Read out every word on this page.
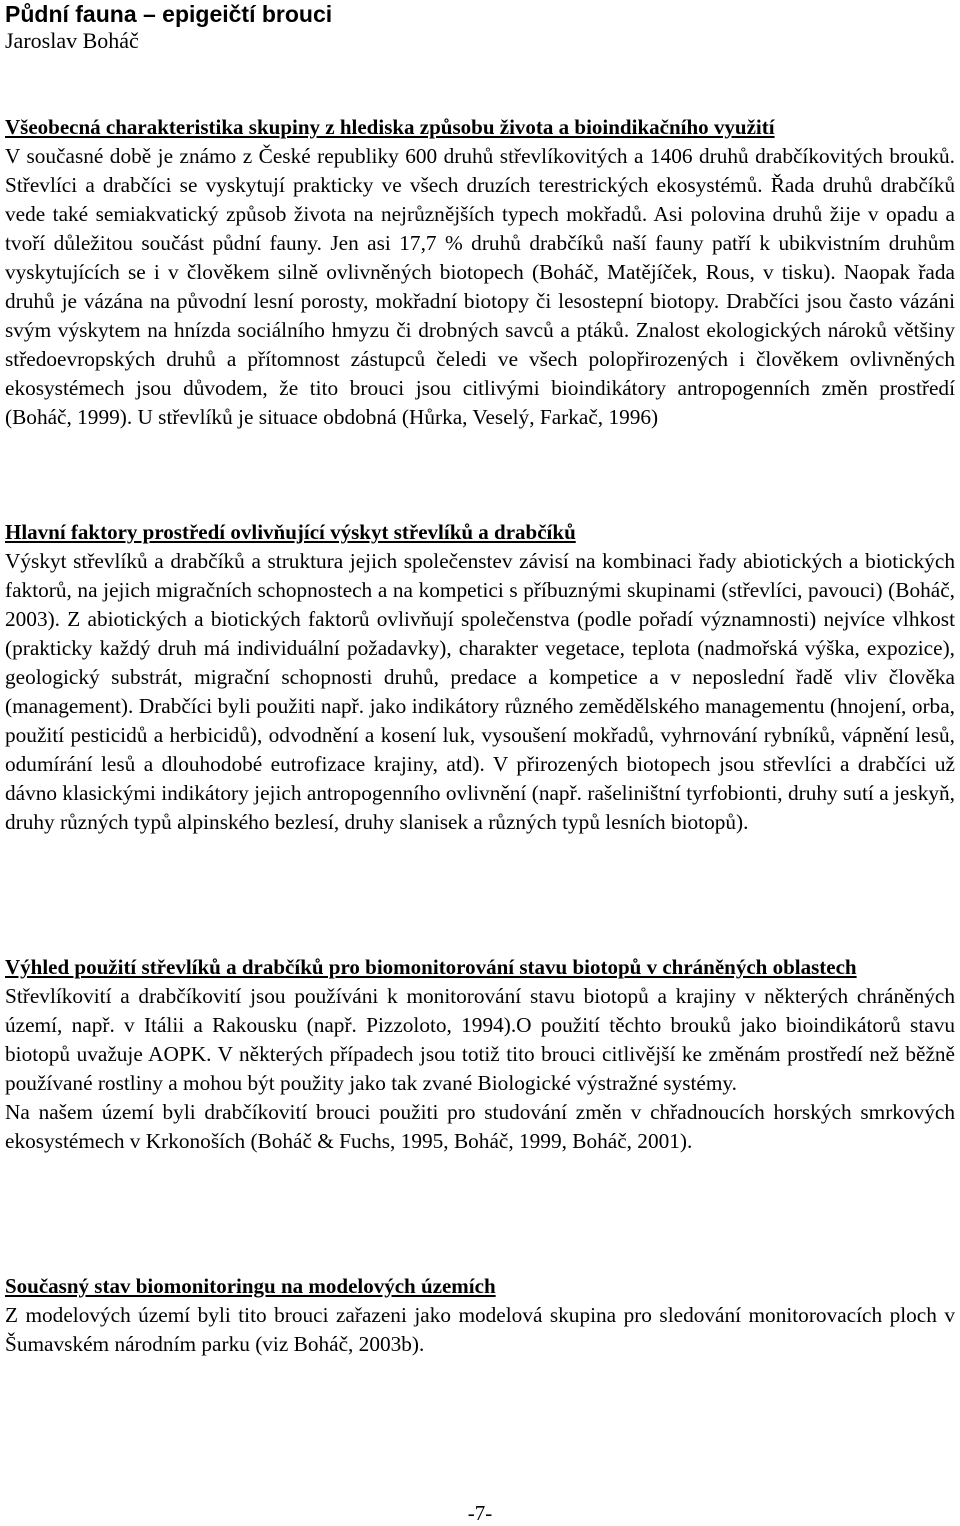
Půdní fauna – epigeičtí brouci
Jaroslav Boháč
Všeobecná charakteristika skupiny z hlediska způsobu života a bioindikačního využití

V současné době je známo z České republiky 600 druhů střevlíkovitých a 1406 druhů drabčíkovitých brouků. Střevlíci a drabčíci se vyskytují prakticky ve všech druzích terestrických ekosystémů. Řada druhů drabčíků vede také semiakvatický způsob života na nejrůznějších typech mokřadů. Asi polovina druhů žije v opadu a tvoří důležitou součást půdní fauny. Jen asi 17,7 % druhů drabčíků naší fauny patří k ubikvistním druhům vyskytujících se i v člověkem silně ovlivněných biotopech (Boháč, Matějíček, Rous, v tisku). Naopak řada druhů je vázána na původní lesní porosty, mokřadní biotopy či lesostepní biotopy. Drabčíci jsou často vázáni svým výskytem na hnízda sociálního hmyzu či drobných savců a ptáků. Znalost ekologických nároků většiny středoevropských druhů a přítomnost zástupců čeledi ve všech polopřirozených i člověkem ovlivněných ekosystémech jsou důvodem, že tito brouci jsou citlivými bioindikátory antropogenních změn prostředí (Boháč, 1999). U střevlíků je situace obdobná (Hůrka, Veselý, Farkač, 1996)

Hlavní faktory prostředí ovlivňující výskyt střevlíků a drabčíků

Výskyt střevlíků a drabčíků a struktura jejich společenstev závisí na kombinaci řady abiotických a biotických faktorů, na jejich migračních schopnostech a na kompetici s příbuznými skupinami (střevlíci, pavouci) (Boháč, 2003). Z abiotických a biotických faktorů ovlivňují společenstva (podle pořadí významnosti) nejvíce vlhkost (prakticky každý druh má individuální požadavky), charakter vegetace, teplota (nadmořská výška, expozice), geologický substrát, migrační schopnosti druhů, predace a kompetice a v neposlední řadě vliv člověka (management). Drabčíci byli použiti např. jako indikátory různého zemědělského managementu (hnojení, orba, použití pesticidů a herbicidů), odvodnění a kosení luk, vysoušení mokřadů, vyhrnování rybníků, vápnění lesů, odumírání lesů a dlouhodobé eutrofizace krajiny, atd). V přirozených biotopech jsou střevlíci a drabčíci už dávno klasickými indikátory jejich antropogenního ovlivnění (např. rašeliništní tyrfobionti, druhy sutí a jeskyň, druhy různých typů alpinského bezlesí, druhy slanisek a různých typů lesních biotopů).

Výhled použití střevlíků a drabčíků pro biomonitorování stavu biotopů v chráněných oblastech

Střevlíkovití a drabčíkovití jsou používáni k monitorování stavu biotopů a krajiny v některých chráněných území, např. v Itálii a Rakousku (např. Pizzoloto, 1994).O použití těchto brouků jako bioindikátorů stavu biotopů uvažuje AOPK. V některých případech jsou totiž tito brouci citlivější ke změnám prostředí než běžně používané rostliny a mohou být použity jako tak zvané Biologické výstražné systémy.

Na našem území byli drabčíkovití brouci použiti pro studování změn v chřadnoucích horských smrkových ekosystémech v Krkonoších (Boháč & Fuchs, 1995, Boháč, 1999, Boháč, 2001).

Současný stav biomonitoringu na modelových územích

Z modelových území byli tito brouci zařazeni jako modelová skupina pro sledování monitorovacích ploch v Šumavském národním parku (viz Boháč, 2003b).

-7-
